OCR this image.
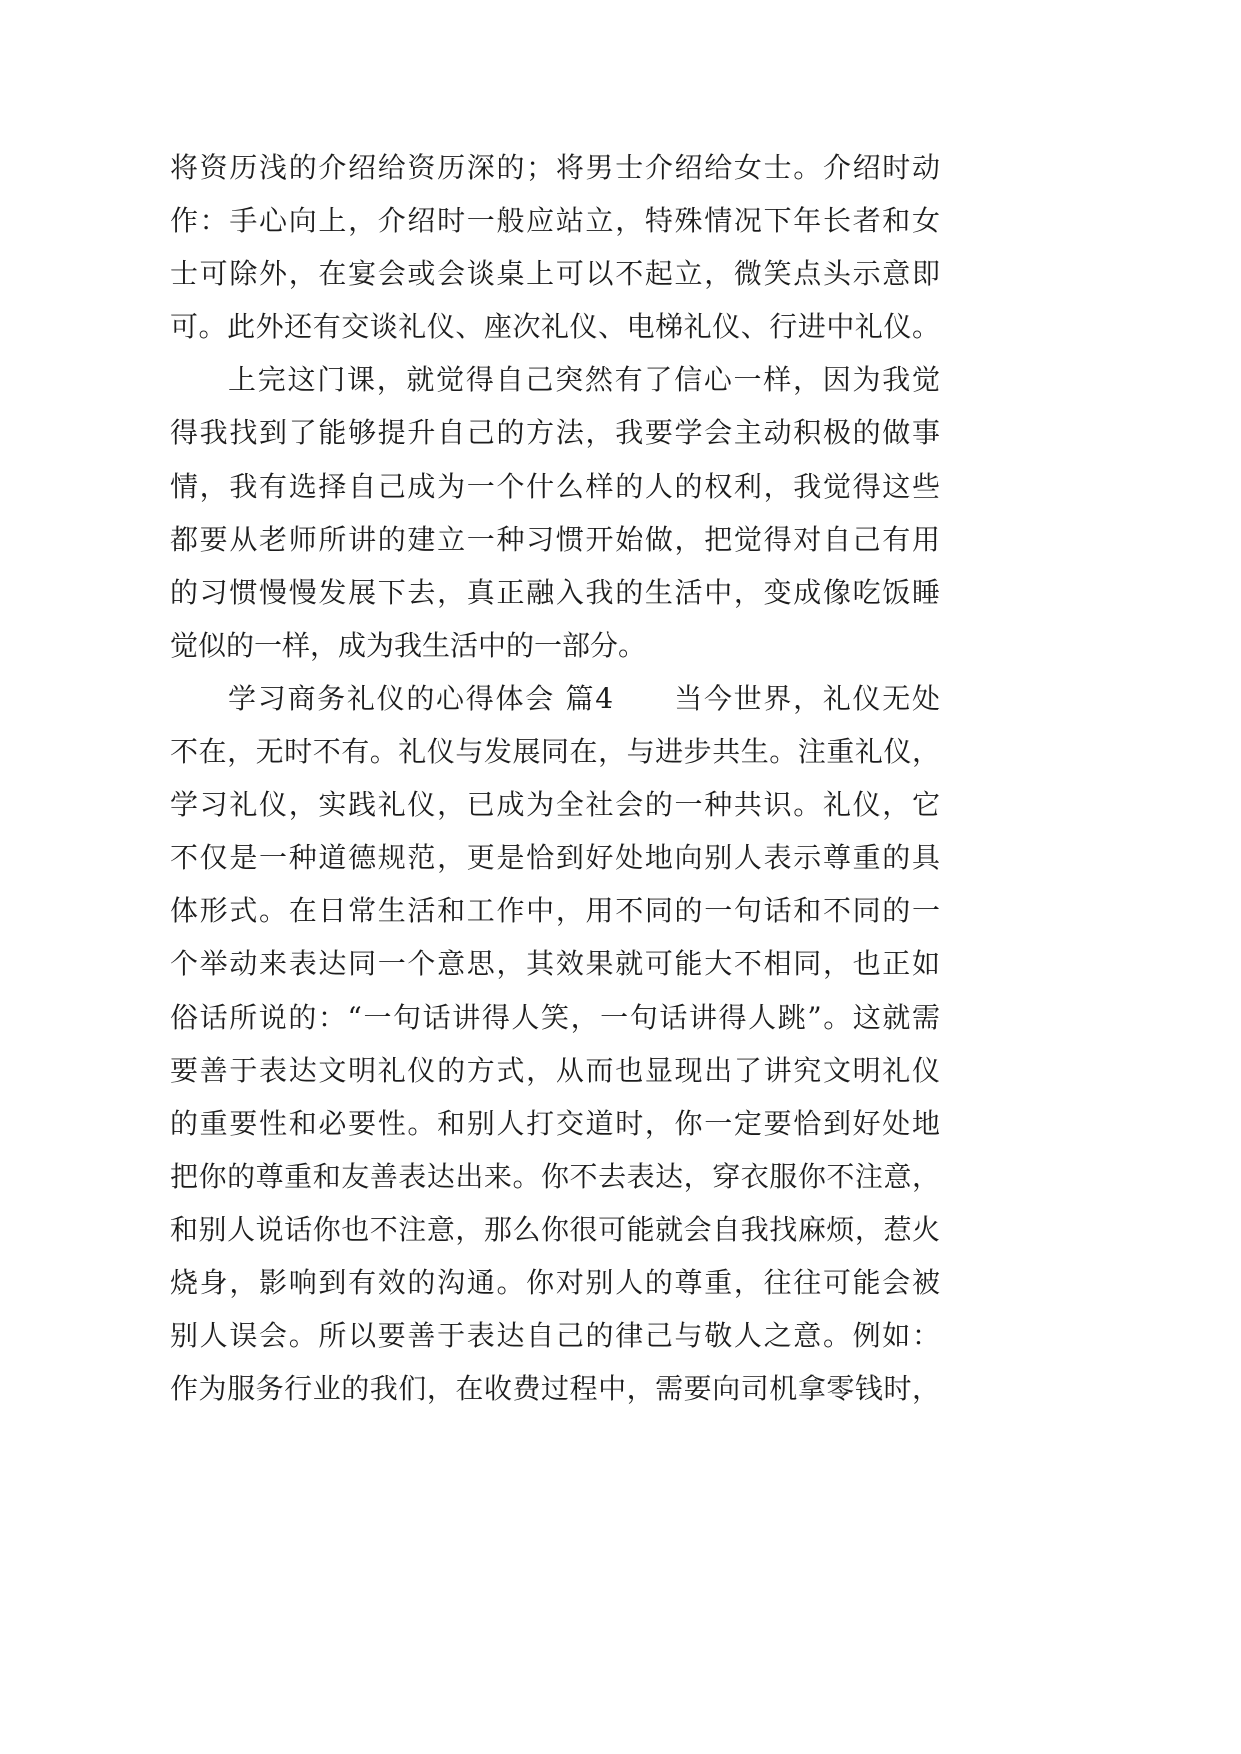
将资历浅的介绍给资历深的；将男士介绍给女士。介绍时动
作：手心向上，介绍时一般应站立，特殊情况下年长者和女
士可除外，在宴会或会谈桌上可以不起立，微笑点头示意即
可。此外还有交谈礼仪、座次礼仪、电梯礼仪、行进中礼仪。
上完这门课，就觉得自己突然有了信心一样，因为我觉
得我找到了能够提升自己的方法，我要学会主动积极的做事
情，我有选择自己成为一个什么样的人的权利，我觉得这些
都要从老师所讲的建立一种习惯开始做，把觉得对自己有用
的习惯慢慢发展下去，真正融入我的生活中，变成像吃饭睡
觉似的一样，成为我生活中的一部分。
学习商务礼仪的心得体会 篇4　　当今世界，礼仪无处
不在，无时不有。礼仪与发展同在，与进步共生。注重礼仪，
学习礼仪，实践礼仪，已成为全社会的一种共识。礼仪，它
不仅是一种道德规范，更是恰到好处地向别人表示尊重的具
体形式。在日常生活和工作中，用不同的一句话和不同的一
个举动来表达同一个意思，其效果就可能大不相同，也正如
俗话所说的：“一句话讲得人笑，一句话讲得人跳”。这就需
要善于表达文明礼仪的方式，从而也显现出了讲究文明礼仪
的重要性和必要性。和别人打交道时，你一定要恰到好处地
把你的尊重和友善表达出来。你不去表达，穿衣服你不注意，
和别人说话你也不注意，那么你很可能就会自我找麻烦，惹火
烧身，影响到有效的沟通。你对别人的尊重，往往可能会被
别人误会。所以要善于表达自己的律己与敬人之意。例如：
作为服务行业的我们，在收费过程中，需要向司机拿零钱时，
